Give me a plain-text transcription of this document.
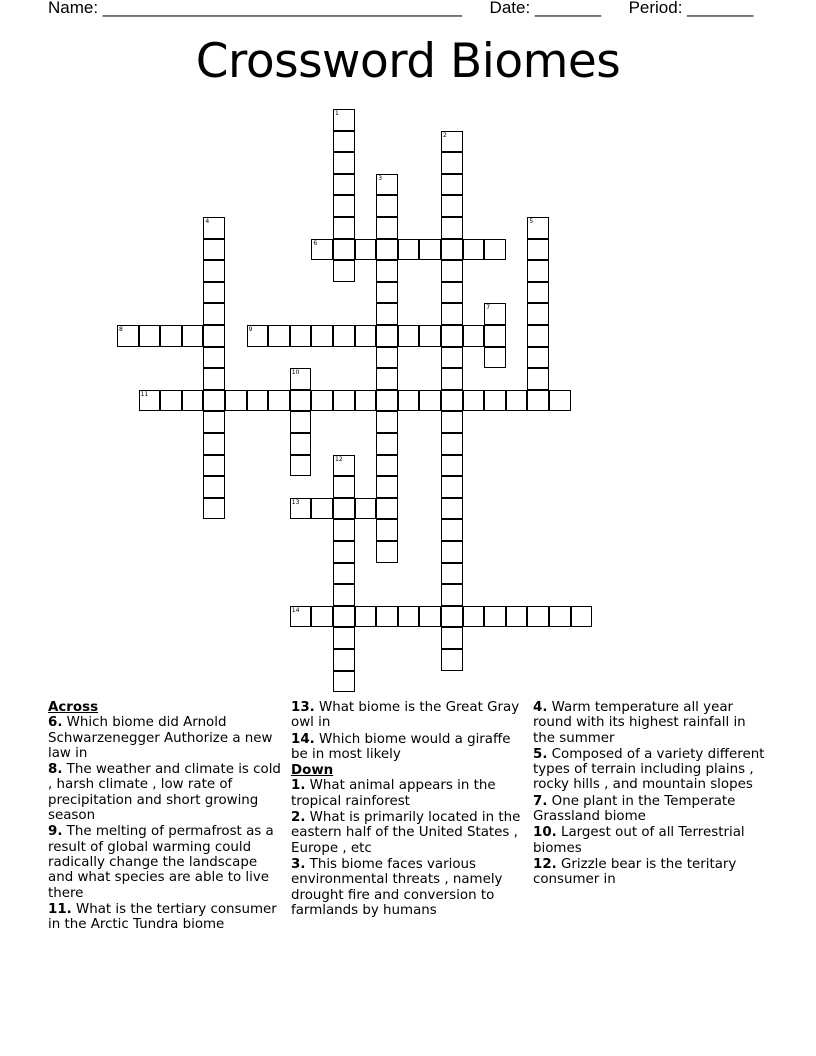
Name: ______________________________________ Date: _______ Period: _______
Crossword Biomes
1
2
3
4	5
6
7
8	9
10
11
12
13
14
Across
6. Which biome did Arnold Schwarzenegger Authorize a new law in
8. The weather and climate is cold , harsh climate , low rate of precipitation and short growing season
9. The melting of permafrost as a result of global warming could radically change the landscape and what species are able to live there
11. What is the tertiary consumer in the Arctic Tundra biome
13. What biome is the Great Gray owl in
14. Which biome would a giraffe be in most likely
Down
1. What animal appears in the tropical rainforest
2. What is primarily located in the eastern half of the United States , Europe , etc
3. This biome faces various environmental threats , namely drought fire and conversion to farmlands by humans
4. Warm temperature all year round with its highest rainfall in the summer
5. Composed of a variety different types of terrain including plains , rocky hills , and mountain slopes
7. One plant in the Temperate Grassland biome
10. Largest out of all Terrestrial biomes
12. Grizzle bear is the teritary consumer in
